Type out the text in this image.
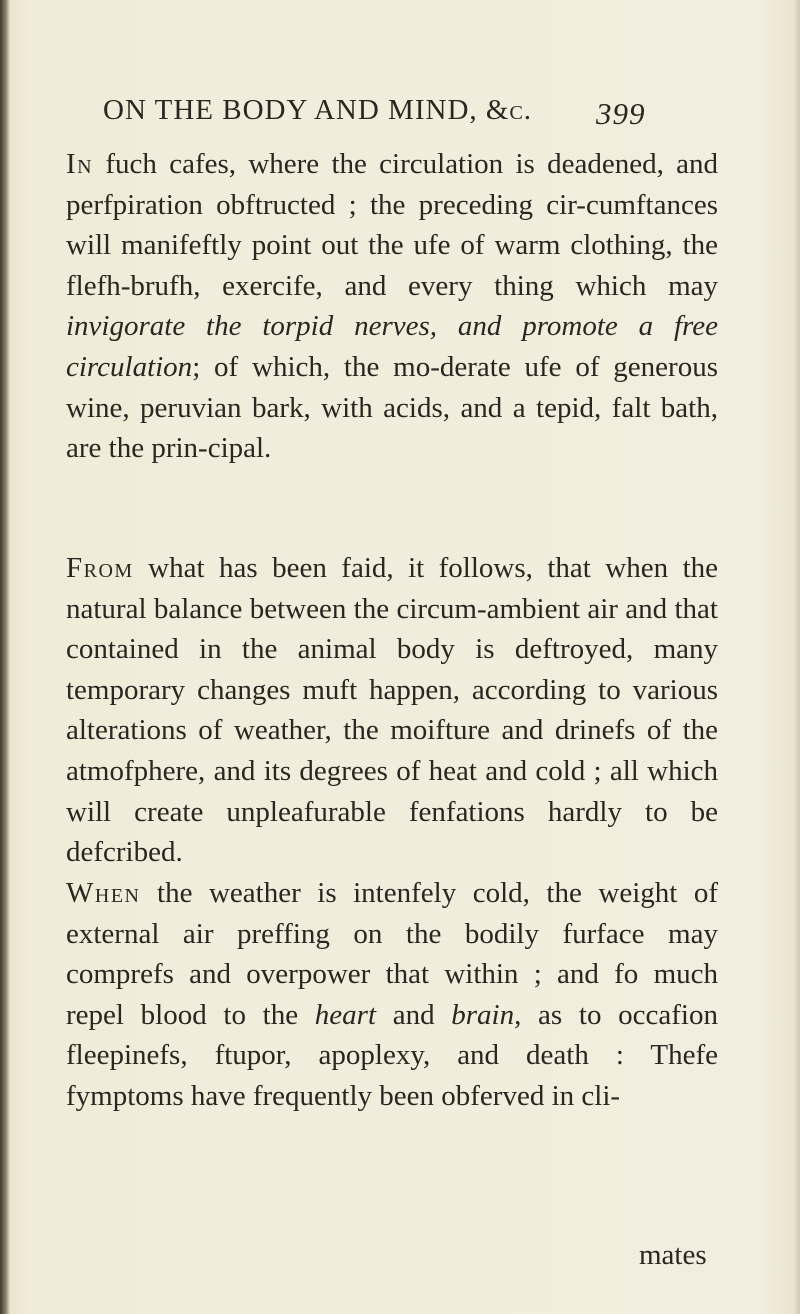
ON THE BODY AND MIND, &c. 399

In fuch cafes, where the circulation is deadened, and perfpiration obftructed ; the preceding cir-cumftances will manifeftly point out the ufe of warm clothing, the flefh-brufh, exercife, and every thing which may invigorate the torpid nerves, and promote a free circulation; of which, the mo-derate ufe of generous wine, peruvian bark, with acids, and a tepid, falt bath, are the prin-cipal.

From what has been faid, it follows, that when the natural balance between the circum-ambient air and that contained in the animal body is deftroyed, many temporary changes muft happen, according to various alterations of weather, the moifture and drinefs of the atmofphere, and its degrees of heat and cold ; all which will create unpleafurable fenfations hardly to be defcribed.

When the weather is intenfely cold, the weight of external air preffing on the bodily furface may comprefs and overpower that within ; and fo much repel blood to the heart and brain, as to occafion fleepinefs, ftupor, apoplexy, and death : Thefe fymptoms have frequently been obferved in cli-

mates
